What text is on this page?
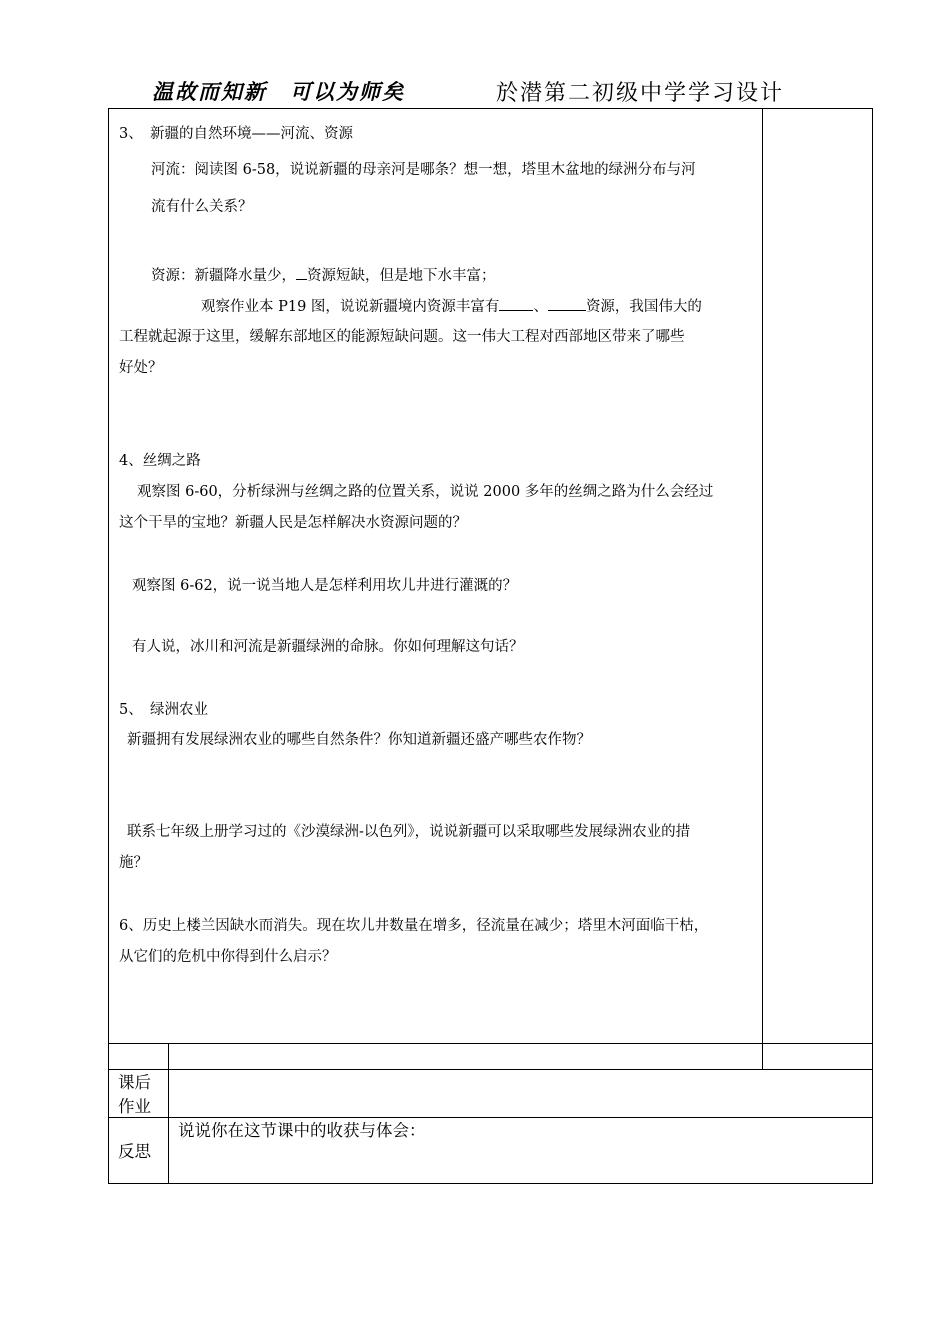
温故而知新　可以为师矣	於潜第二初级中学学习设计
3、　新疆的自然环境——河流、资源
河流：阅读图 6-58，说说新疆的母亲河是哪条？想一想，塔里木盆地的绿洲分布与河
流有什么关系？
资源：新疆降水量少， 资源短缺，但是地下水丰富；
观察作业本 P19 图，说说新疆境内资源丰富有 、	资源，我国伟大的
工程就起源于这里，缓解东部地区的能源短缺问题。这一伟大工程对西部地区带来了哪些
好处？
4、丝绸之路
观察图 6-60，分析绿洲与丝绸之路的位置关系，说说 2000 多年的丝绸之路为什么会经过
这个干旱的宝地？新疆人民是怎样解决水资源问题的？
观察图 6-62，说一说当地人是怎样利用坎儿井进行灌溉的？
有人说，冰川和河流是新疆绿洲的命脉。你如何理解这句话？
5、　绿洲农业
新疆拥有发展绿洲农业的哪些自然条件？你知道新疆还盛产哪些农作物？
联系七年级上册学习过的《沙漠绿洲-以色列》，说说新疆可以采取哪些发展绿洲农业的措
施？
6、历史上楼兰因缺水而消失。现在坎儿井数量在增多，径流量在减少；塔里木河面临干枯，
从它们的危机中你得到什么启示？
课后
作业
反思
说说你在这节课中的收获与体会：
